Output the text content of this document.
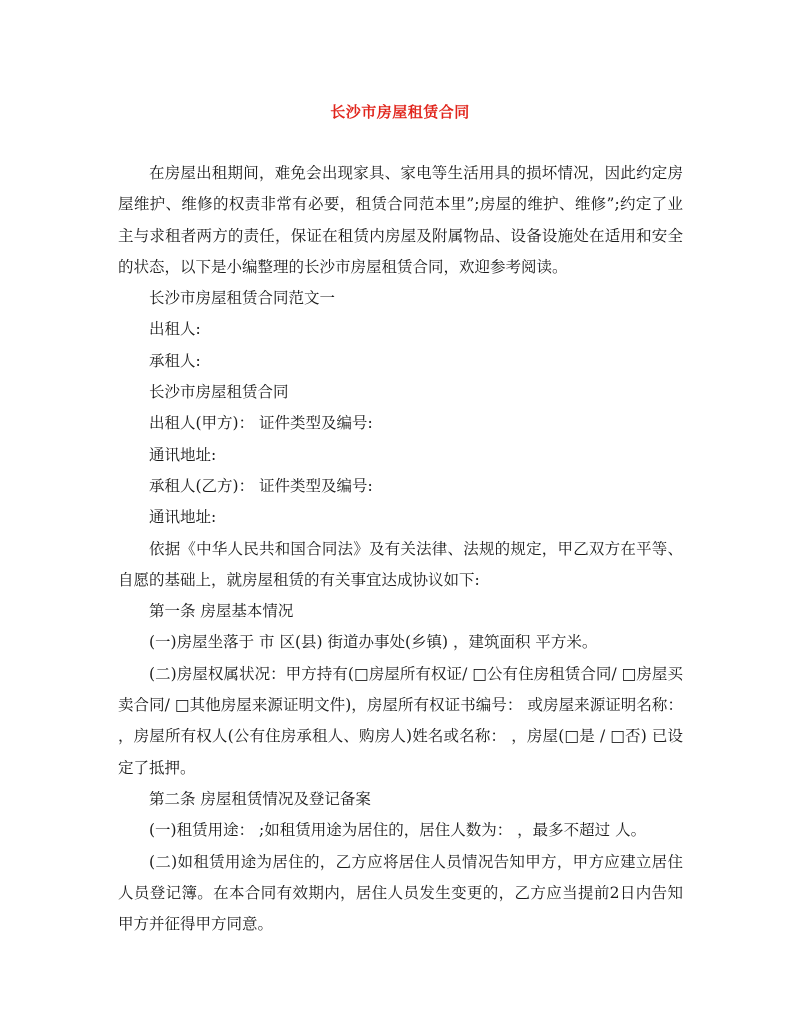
长沙市房屋租赁合同

在房屋出租期间，难免会出现家具、家电等生活用具的损坏情况，因此约定房屋维护、维修的权责非常有必要，租赁合同范本里”;房屋的维护、维修”;约定了业主与求租者两方的责任，保证在租赁内房屋及附属物品、设备设施处在适用和安全的状态，以下是小编整理的长沙市房屋租赁合同，欢迎参考阅读。

长沙市房屋租赁合同范文一

出租人:

承租人:

长沙市房屋租赁合同

出租人(甲方)： 证件类型及编号:

通讯地址:

承租人(乙方)： 证件类型及编号:

通讯地址:

依据《中华人民共和国合同法》及有关法律、法规的规定，甲乙双方在平等、自愿的基础上，就房屋租赁的有关事宜达成协议如下:

第一条 房屋基本情况

(一)房屋坐落于 市 区(县) 街道办事处(乡镇) ，建筑面积 平方米。

(二)房屋权属状况：甲方持有(□房屋所有权证/ □公有住房租赁合同/ □房屋买卖合同/ □其他房屋来源证明文件)，房屋所有权证书编号： 或房屋来源证明名称： ，房屋所有权人(公有住房承租人、购房人)姓名或名称： ，房屋(□是 / □否) 已设定了抵押。

第二条 房屋租赁情况及登记备案

(一)租赁用途： ;如租赁用途为居住的，居住人数为： ，最多不超过 人。

(二)如租赁用途为居住的，乙方应将居住人员情况告知甲方，甲方应建立居住人员登记簿。在本合同有效期内，居住人员发生变更的，乙方应当提前2日内告知甲方并征得甲方同意。
